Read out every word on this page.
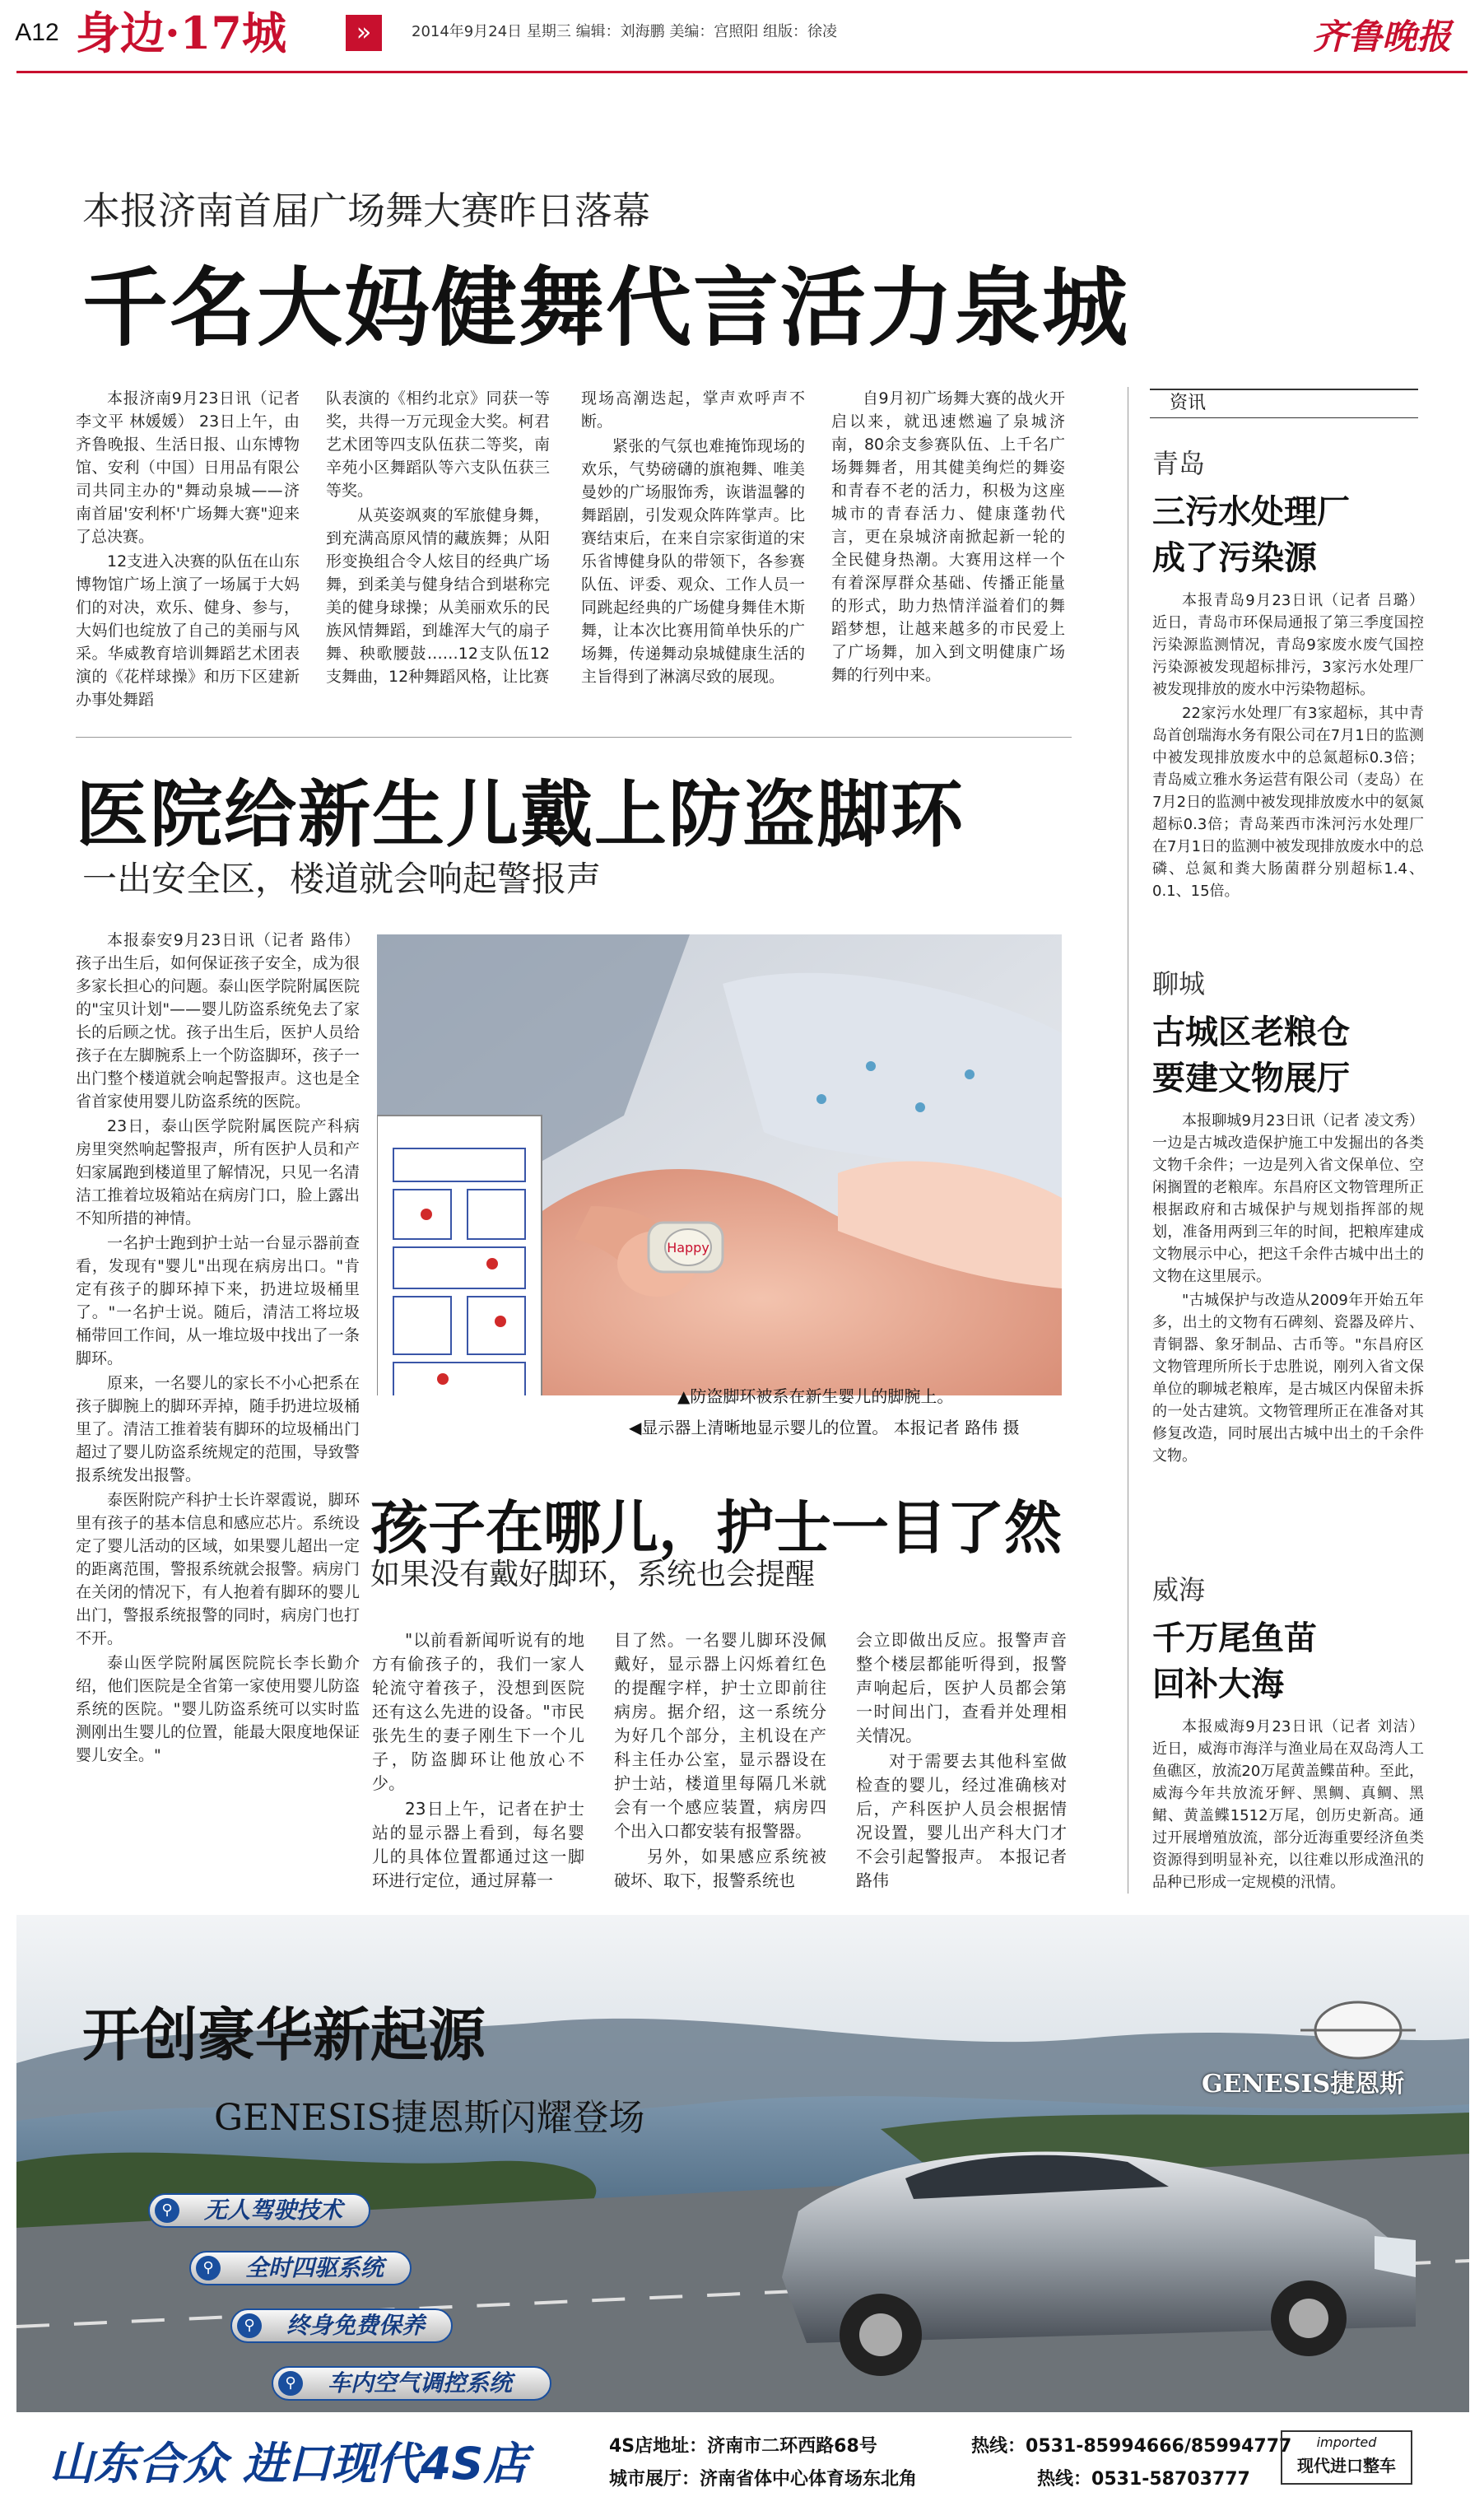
A12 身边·17城	»	2014年9月24日 星期三 编辑：刘海鹏 美编：宫照阳 组版：徐凌	齐鲁晚报
本报济南首届广场舞大赛昨日落幕
千名大妈健舞代言活力泉城

本报济南9月23日讯（记者 李文平 林媛媛） 23日上午，由齐鲁晚报、生活日报、山东博物馆、安利（中国）日用品有限公司共同主办的"舞动泉城——济南首届'安利杯'广场舞大赛"迎来了总决赛。

12支进入决赛的队伍在山东博物馆广场上演了一场属于大妈们的对决，欢乐、健身、参与，大妈们也绽放了自己的美丽与风采。华威教育培训舞蹈艺术团表演的《花样球操》和历下区建新办事处舞蹈

队表演的《相约北京》同获一等奖，共得一万元现金大奖。柯君艺术团等四支队伍获二等奖，南辛苑小区舞蹈队等六支队伍获三等奖。

从英姿飒爽的军旅健身舞，到充满高原风情的藏族舞；从阳形变换组合令人炫目的经典广场舞，到柔美与健身结合到堪称完美的健身球操；从美丽欢乐的民族风情舞蹈，到雄浑大气的扇子舞、秧歌腰鼓……12支队伍12支舞曲，12种舞蹈风格，让比赛

现场高潮迭起，掌声欢呼声不断。

紧张的气氛也难掩饰现场的欢乐，气势磅礴的旗袍舞、唯美曼妙的广场服饰秀，诙谐温馨的舞蹈剧，引发观众阵阵掌声。比赛结束后，在来自宗家街道的宋乐省博健身队的带领下，各参赛队伍、评委、观众、工作人员一同跳起经典的广场健身舞佳木斯舞，让本次比赛用简单快乐的广场舞，传递舞动泉城健康生活的主旨得到了淋漓尽致的展现。

自9月初广场舞大赛的战火开启以来，就迅速燃遍了泉城济南，80余支参赛队伍、上千名广场舞舞者，用其健美绚烂的舞姿和青春不老的活力，积极为这座城市的青春活力、健康蓬勃代言，更在泉城济南掀起新一轮的全民健身热潮。大赛用这样一个有着深厚群众基础、传播正能量的形式，助力热情洋溢着们的舞蹈梦想，让越来越多的市民爱上了广场舞，加入到文明健康广场舞的行列中来。

医院给新生儿戴上防盗脚环
一出安全区，楼道就会响起警报声

本报泰安9月23日讯（记者 路伟） 孩子出生后，如何保证孩子安全，成为很多家长担心的问题。泰山医学院附属医院的"宝贝计划"——婴儿防盗系统免去了家长的后顾之忧。孩子出生后，医护人员给孩子在左脚腕系上一个防盗脚环，孩子一出门整个楼道就会响起警报声。这也是全省首家使用婴儿防盗系统的医院。

23日，泰山医学院附属医院产科病房里突然响起警报声，所有医护人员和产妇家属跑到楼道里了解情况，只见一名清洁工推着垃圾箱站在病房门口，脸上露出不知所措的神情。

一名护士跑到护士站一台显示器前查看，发现有"婴儿"出现在病房出口。"肯定有孩子的脚环掉下来，扔进垃圾桶里了。"一名护士说。随后，清洁工将垃圾桶带回工作间，从一堆垃圾中找出了一条脚环。

原来，一名婴儿的家长不小心把系在孩子脚腕上的脚环弄掉，随手扔进垃圾桶里了。清洁工推着装有脚环的垃圾桶出门超过了婴儿防盗系统规定的范围，导致警报系统发出报警。

泰医附院产科护士长许翠霞说，脚环里有孩子的基本信息和感应芯片。系统设定了婴儿活动的区域，如果婴儿超出一定的距离范围，警报系统就会报警。病房门在关闭的情况下，有人抱着有脚环的婴儿出门，警报系统报警的同时，病房门也打不开。

泰山医学院附属医院院长李长勤介绍，他们医院是全省第一家使用婴儿防盗系统的医院。"婴儿防盗系统可以实时监测刚出生婴儿的位置，能最大限度地保证婴儿安全。"

Happy
▲防盗脚环被系在新生婴儿的脚腕上。
◀显示器上清晰地显示婴儿的位置。 本报记者 路伟 摄
孩子在哪儿，护士一目了然
如果没有戴好脚环，系统也会提醒

"以前看新闻听说有的地方有偷孩子的，我们一家人轮流守着孩子，没想到医院还有这么先进的设备。"市民张先生的妻子刚生下一个儿子，防盗脚环让他放心不少。

23日上午，记者在护士站的显示器上看到，每名婴儿的具体位置都通过这一脚环进行定位，通过屏幕一

目了然。一名婴儿脚环没佩戴好，显示器上闪烁着红色的提醒字样，护士立即前往病房。据介绍，这一系统分为好几个部分，主机设在产科主任办公室，显示器设在护士站，楼道里每隔几米就会有一个感应装置，病房四个出入口都安装有报警器。

另外，如果感应系统被破坏、取下，报警系统也

会立即做出反应。报警声音整个楼层都能听得到，报警声响起后，医护人员都会第一时间出门，查看并处理相关情况。

对于需要去其他科室做检查的婴儿，经过准确核对后，产科医护人员会根据情况设置，婴儿出产科大门才不会引起警报声。 本报记者 路伟

资讯
青岛
三污水处理厂
成了污染源

本报青岛9月23日讯（记者 吕璐） 近日，青岛市环保局通报了第三季度国控污染源监测情况，青岛9家废水废气国控污染源被发现超标排污，3家污水处理厂被发现排放的废水中污染物超标。

22家污水处理厂有3家超标，其中青岛首创瑞海水务有限公司在7月1日的监测中被发现排放废水中的总氮超标0.3倍；青岛威立雅水务运营有限公司（麦岛）在7月2日的监测中被发现排放废水中的氨氮超标0.3倍；青岛莱西市洙河污水处理厂在7月1日的监测中被发现排放废水中的总磷、总氮和粪大肠菌群分别超标1.4、0.1、15倍。

聊城
古城区老粮仓
要建文物展厅

本报聊城9月23日讯（记者 凌文秀） 一边是古城改造保护施工中发掘出的各类文物千余件；一边是列入省文保单位、空闲搁置的老粮库。东昌府区文物管理所正根据政府和古城保护与规划指挥部的规划，准备用两到三年的时间，把粮库建成文物展示中心，把这千余件古城中出土的文物在这里展示。

"古城保护与改造从2009年开始五年多，出土的文物有石碑刻、瓷器及碎片、青铜器、象牙制品、古币等。"东昌府区文物管理所所长于忠胜说，刚列入省文保单位的聊城老粮库，是古城区内保留未拆的一处古建筑。文物管理所正在准备对其修复改造，同时展出古城中出土的千余件文物。

威海
千万尾鱼苗
回补大海

本报威海9月23日讯（记者 刘洁） 近日，威海市海洋与渔业局在双岛湾人工鱼礁区，放流20万尾黄盖鲽苗种。至此，威海今年共放流牙鲆、黑鲷、真鲷、黑鲪、黄盖鲽1512万尾，创历史新高。通过开展增殖放流，部分近海重要经济鱼类资源得到明显补充，以往难以形成渔汛的品种已形成一定规模的汛情。

开创豪华新起源
GENESIS捷恩斯闪耀登场
GENESIS捷恩斯
⚲	无人驾驶技术
⚲	全时四驱系统
⚲	终身免费保养
⚲	车内空气调控系统
山东合众 进口现代4S店	4S店地址：济南市二环西路68号
城市展厅：济南省体中心体育场东北角
热线：0531-85994666/85994777
热线：0531-58703777
imported
现代进口整车
